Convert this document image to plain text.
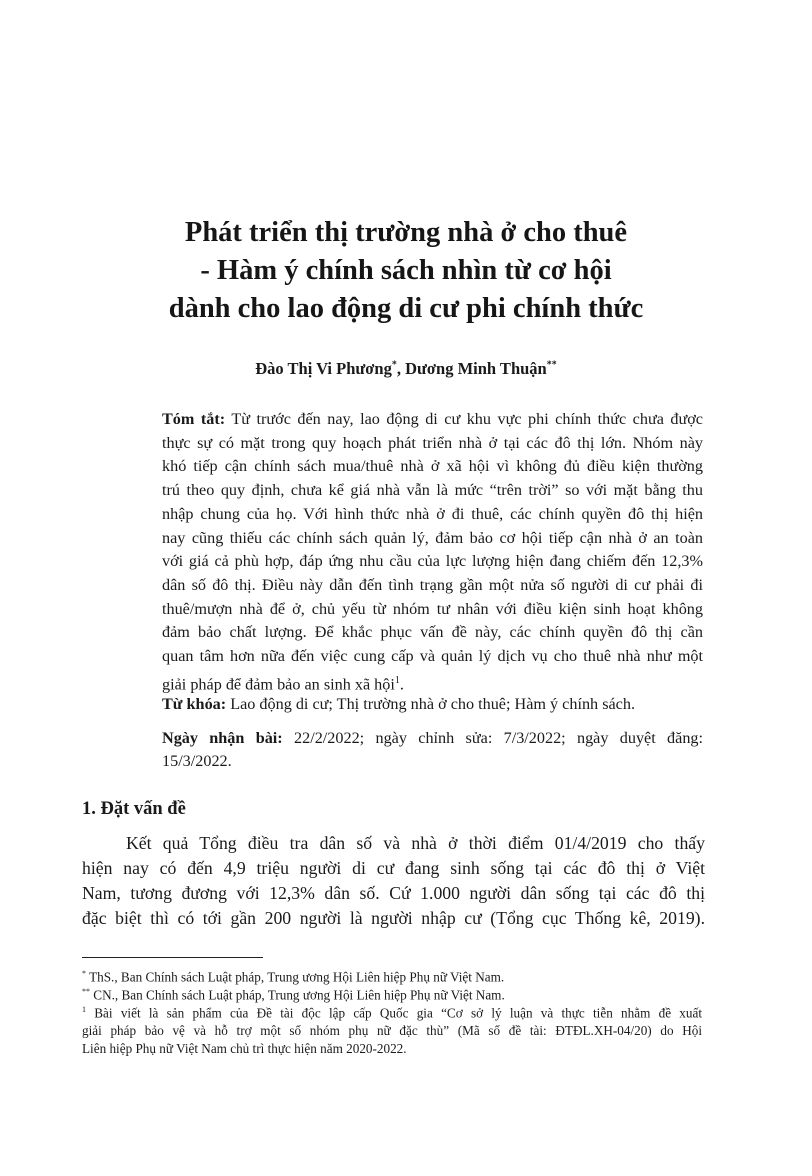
Phát triển thị trường nhà ở cho thuê
- Hàm ý chính sách nhìn từ cơ hội
dành cho lao động di cư phi chính thức
Đào Thị Vi Phương*, Dương Minh Thuận**
Tóm tắt: Từ trước đến nay, lao động di cư khu vực phi chính thức chưa được
thực sự có mặt trong quy hoạch phát triển nhà ở tại các đô thị lớn. Nhóm này
khó tiếp cận chính sách mua/thuê nhà ở xã hội vì không đủ điều kiện thường
trú theo quy định, chưa kể giá nhà vẫn là mức “trên trời” so với mặt bằng thu
nhập chung của họ. Với hình thức nhà ở đi thuê, các chính quyền đô thị hiện
nay cũng thiếu các chính sách quản lý, đảm bảo cơ hội tiếp cận nhà ở an toàn
với giá cả phù hợp, đáp ứng nhu cầu của lực lượng hiện đang chiếm đến 12,3%
dân số đô thị. Điều này dẫn đến tình trạng gần một nửa số người di cư phải đi
thuê/mượn nhà để ở, chủ yếu từ nhóm tư nhân với điều kiện sinh hoạt không
đảm bảo chất lượng. Để khắc phục vấn đề này, các chính quyền đô thị cần
quan tâm hơn nữa đến việc cung cấp và quản lý dịch vụ cho thuê nhà như một
giải pháp để đảm bảo an sinh xã hội$^1$.
Từ khóa: Lao động di cư; Thị trường nhà ở cho thuê; Hàm ý chính sách.
Ngày nhận bài: 22/2/2022; ngày chỉnh sửa: 7/3/2022; ngày duyệt đăng: 15/3/2022.
1. Đặt vấn đề
Kết quả Tổng điều tra dân số và nhà ở thời điểm 01/4/2019 cho thấy
hiện nay có đến 4,9 triệu người di cư đang sinh sống tại các đô thị ở Việt
Nam, tương đương với 12,3% dân số. Cứ 1.000 người dân sống tại các đô thị
đặc biệt thì có tới gần 200 người là người nhập cư (Tổng cục Thống kê, 2019).
* ThS., Ban Chính sách Luật pháp, Trung ương Hội Liên hiệp Phụ nữ Việt Nam.
** CN., Ban Chính sách Luật pháp, Trung ương Hội Liên hiệp Phụ nữ Việt Nam.
$^1$ Bài viết là sản phẩm của Đề tài độc lập cấp Quốc gia “Cơ sở lý luận và thực tiễn nhằm đề xuất
giải pháp bảo vệ và hỗ trợ một số nhóm phụ nữ đặc thù” (Mã số đề tài: ĐTĐL.XH-04/20) do Hội
Liên hiệp Phụ nữ Việt Nam chủ trì thực hiện năm 2020-2022.
